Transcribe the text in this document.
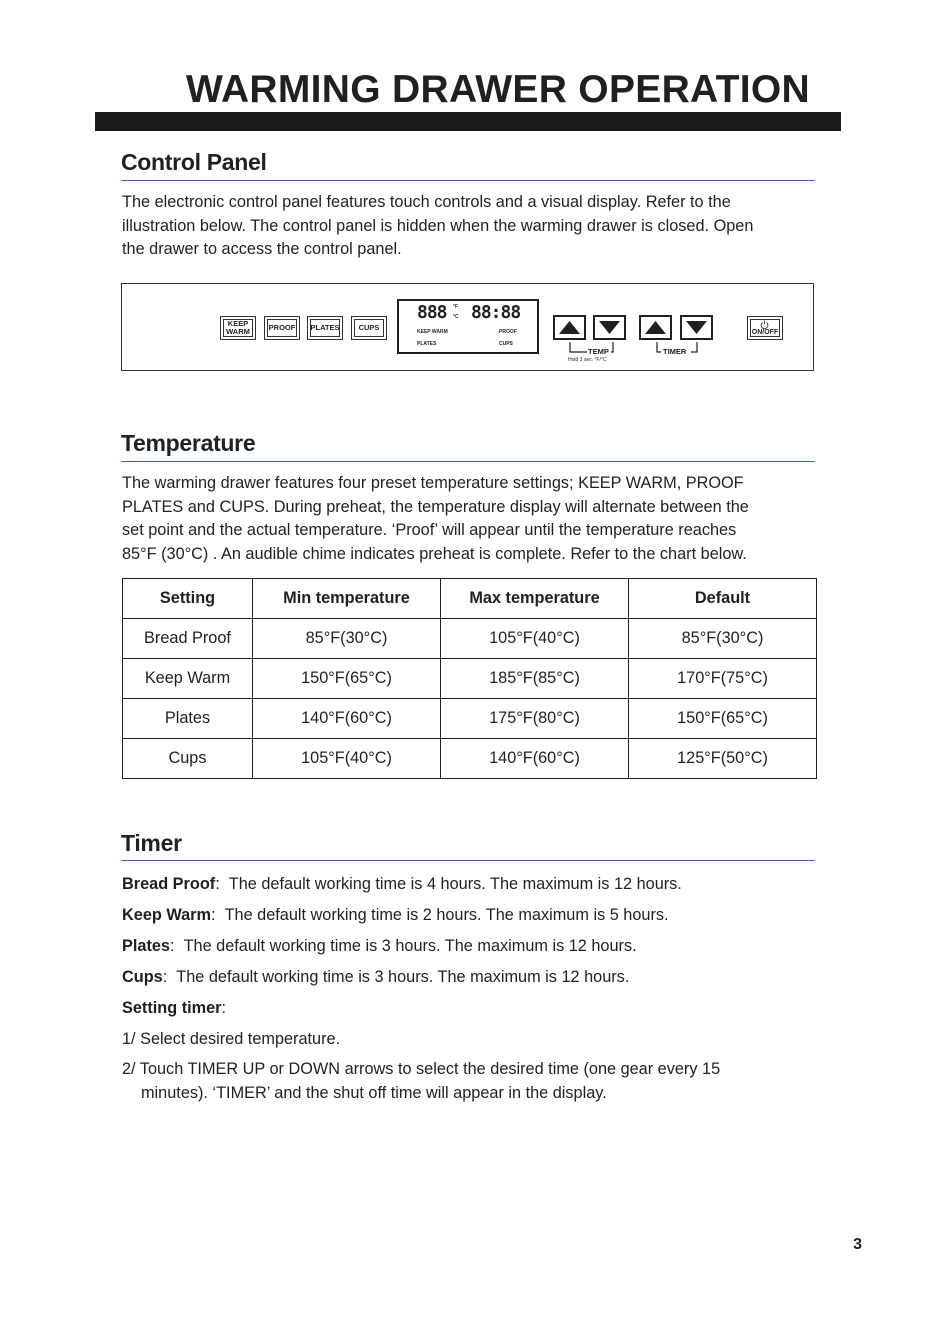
WARMING DRAWER OPERATION
Control Panel
The electronic control panel features touch controls and a visual display. Refer to the
illustration below. The control panel is hidden when the warming drawer is closed. Open
the drawer to access the control panel.
KEEP
WARM	PROOF PLATES	CUPS
888 °F
°C 88:88
KEEP WARM	PROOF
PLATES	CUPS
TEMP
Hold 3 sec. °F/°C
TIMER
ON/OFF
Temperature
The warming drawer features four preset temperature settings; KEEP WARM, PROOF
PLATES and CUPS. During preheat, the temperature display will alternate between the
set point and the actual temperature. ‘Proof’ will appear until the temperature reaches
85°F (30°C) . An audible chime indicates preheat is complete. Refer to the chart below.
Setting	Min temperature	Max temperature	Default
Bread Proof	85°F(30°C)	105°F(40°C)	85°F(30°C)
Keep Warm	150°F(65°C)	185°F(85°C)	170°F(75°C)
Plates	140°F(60°C)	175°F(80°C)	150°F(65°C)
Cups	105°F(40°C)	140°F(60°C)	125°F(50°C)
Timer
Bread Proof: The default working time is 4 hours. The maximum is 12 hours.
Keep Warm: The default working time is 2 hours. The maximum is 5 hours.
Plates: The default working time is 3 hours. The maximum is 12 hours.
Cups: The default working time is 3 hours. The maximum is 12 hours.
Setting timer:
1/ Select desired temperature.
2/ Touch TIMER UP or DOWN arrows to select the desired time (one gear every 15
minutes). ‘TIMER’ and the shut off time will appear in the display.
3
